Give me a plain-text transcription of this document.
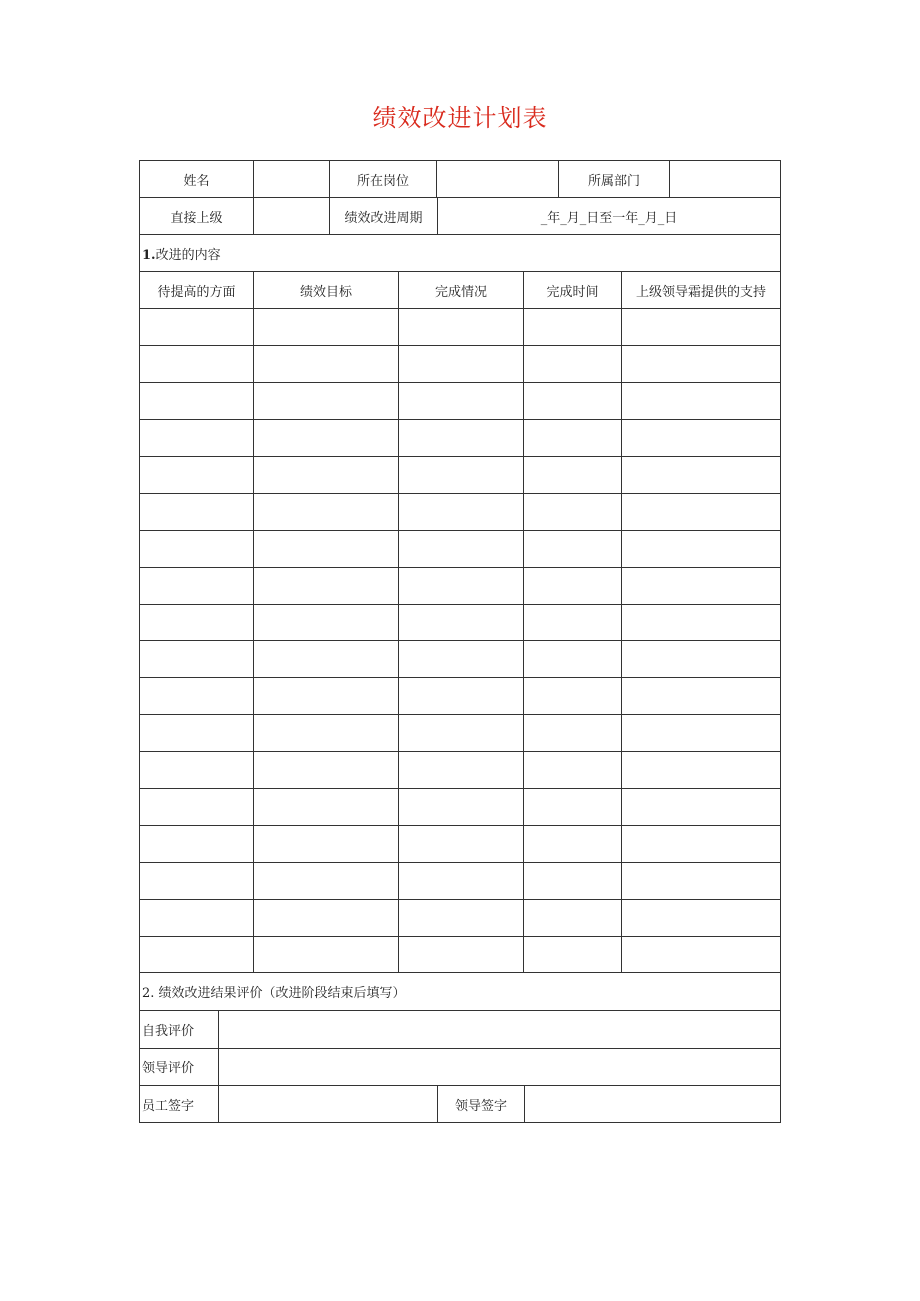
绩效改进计划表
姓名		所在岗位		所属部门	
直接上级		绩效改进周期	_年_月_日至一年_月_日		
1.改进的内容					
待提高的方面	绩效目标	完成情况	完成时间	上级领导霜提供的支持

2. 绩效改进结果评价（改进阶段结束后填写）			
自我评价			
领导评价			
员工签字		领导签字	
